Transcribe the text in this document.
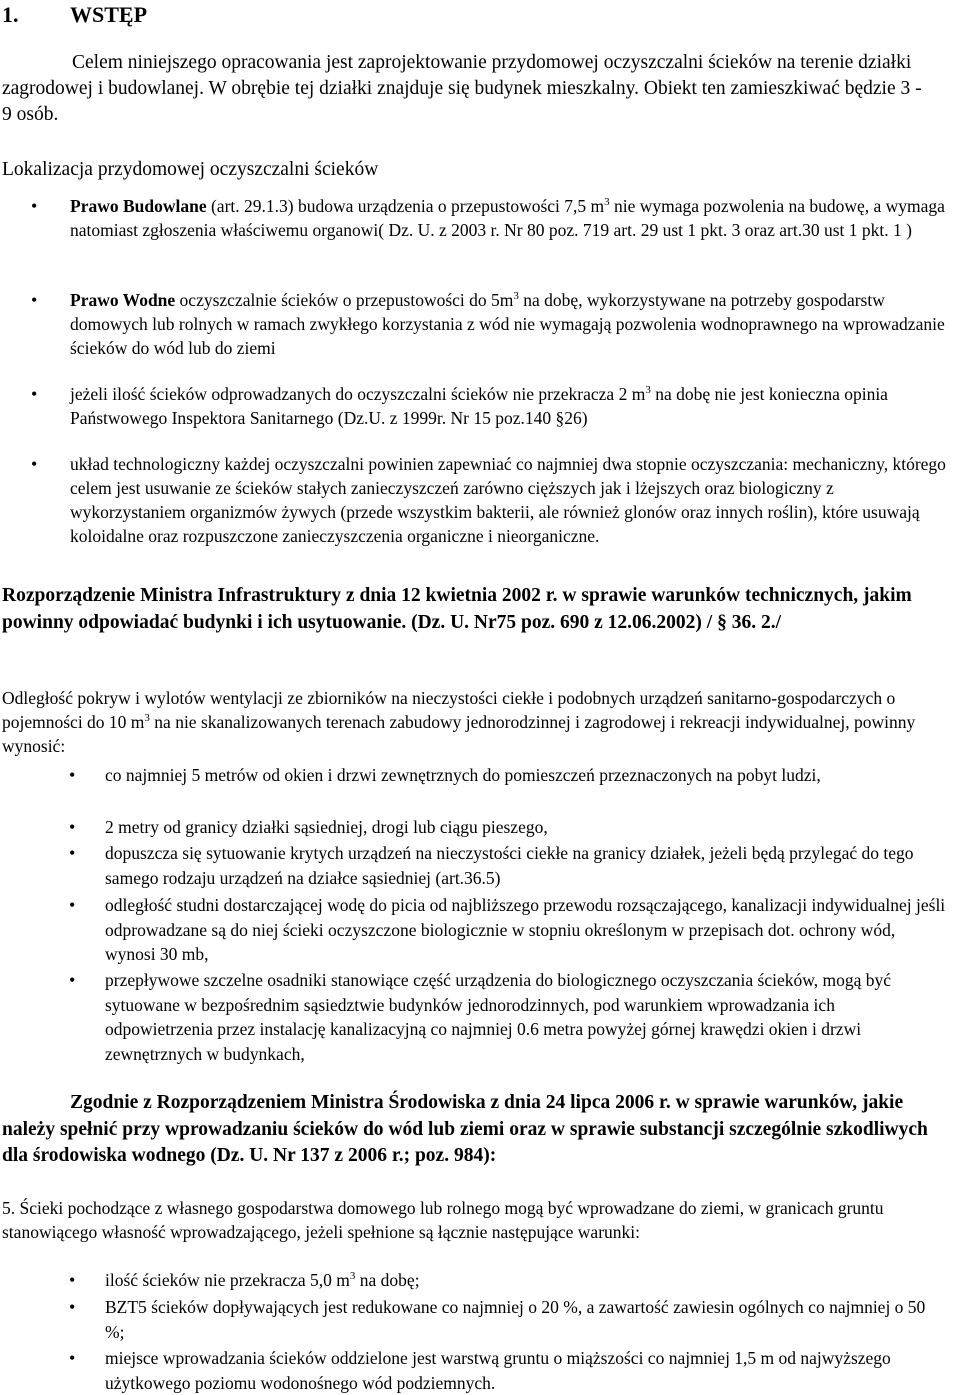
1. WSTĘP
Celem niniejszego opracowania jest zaprojektowanie przydomowej oczyszczalni ścieków na terenie działki zagrodowej i budowlanej. W obrębie tej działki znajduje się budynek mieszkalny. Obiekt ten zamieszkiwać będzie 3 - 9 osób.
Lokalizacja przydomowej oczyszczalni ścieków
• Prawo Budowlane (art. 29.1.3) budowa urządzenia o przepustowości 7,5 $m^3$ nie wymaga pozwolenia na budowę, a wymaga natomiast zgłoszenia właściwemu organowi( Dz. U. z 2003 r. Nr 80 poz. 719 art. 29 ust 1 pkt. 3 oraz art.30 ust 1 pkt. 1 )
• Prawo Wodne oczyszczalnie ścieków o przepustowości do $5m^3$ na dobę, wykorzystywane na potrzeby gospodarstw domowych lub rolnych w ramach zwykłego korzystania z wód nie wymagają pozwolenia wodnoprawnego na wprowadzanie ścieków do wód lub do ziemi
• jeżeli ilość ścieków odprowadzanych do oczyszczalni ścieków nie przekracza 2 $m^3$ na dobę nie jest konieczna opinia Państwowego Inspektora Sanitarnego (Dz.U. z 1999r. Nr 15 poz.140 §26)
• układ technologiczny każdej oczyszczalni powinien zapewniać co najmniej dwa stopnie oczyszczania: mechaniczny, którego celem jest usuwanie ze ścieków stałych zanieczyszczeń zarówno cięższych jak i lżejszych oraz biologiczny z wykorzystaniem organizmów żywych (przede wszystkim bakterii, ale również glonów oraz innych roślin), które usuwają koloidalne oraz rozpuszczone zanieczyszczenia organiczne i nieorganiczne.
Rozporządzenie Ministra Infrastruktury z dnia 12 kwietnia 2002 r. w sprawie warunków technicznych, jakim powinny odpowiadać budynki i ich usytuowanie. (Dz. U. Nr75 poz. 690 z 12.06.2002) / § 36. 2./
Odległość pokryw i wylotów wentylacji ze zbiorników na nieczystości ciekłe i podobnych urządzeń sanitarno-gospodarczych o pojemności do 10 $m^3$ na nie skanalizowanych terenach zabudowy jednorodzinnej i zagrodowej i rekreacji indywidualnej, powinny wynosić:
• co najmniej 5 metrów od okien i drzwi zewnętrznych do pomieszczeń przeznaczonych na pobyt ludzi,
• 2 metry od granicy działki sąsiedniej, drogi lub ciągu pieszego,
• dopuszcza się sytuowanie krytych urządzeń na nieczystości ciekłe na granicy działek, jeżeli będą przylegać do tego samego rodzaju urządzeń na działce sąsiedniej (art.36.5)
• odległość studni dostarczającej wodę do picia od najbliższego przewodu rozsączającego, kanalizacji indywidualnej jeśli odprowadzane są do niej ścieki oczyszczone biologicznie w stopniu określonym w przepisach dot. ochrony wód, wynosi 30 mb,
• przepływowe szczelne osadniki stanowiące część urządzenia do biologicznego oczyszczania ścieków, mogą być sytuowane w bezpośrednim sąsiedztwie budynków jednorodzinnych, pod warunkiem wprowadzania ich odpowietrzenia przez instalację kanalizacyjną co najmniej 0.6 metra powyżej górnej krawędzi okien i drzwi zewnętrznych w budynkach,
Zgodnie z Rozporządzeniem Ministra Środowiska z dnia 24 lipca 2006 r. w sprawie warunków, jakie należy spełnić przy wprowadzaniu ścieków do wód lub ziemi oraz w sprawie substancji szczególnie szkodliwych dla środowiska wodnego (Dz. U. Nr 137 z 2006 r.; poz. 984):
5. Ścieki pochodzące z własnego gospodarstwa domowego lub rolnego mogą być wprowadzane do ziemi, w granicach gruntu stanowiącego własność wprowadzającego, jeżeli spełnione są łącznie następujące warunki:
• ilość ścieków nie przekracza 5,0 $m^3$ na dobę;
• BZT5 ścieków dopływających jest redukowane co najmniej o 20 %, a zawartość zawiesin ogólnych co najmniej o 50 %;
• miejsce wprowadzania ścieków oddzielone jest warstwą gruntu o miąższości co najmniej 1,5 m od najwyższego użytkowego poziomu wodonośnego wód podziemnych.
